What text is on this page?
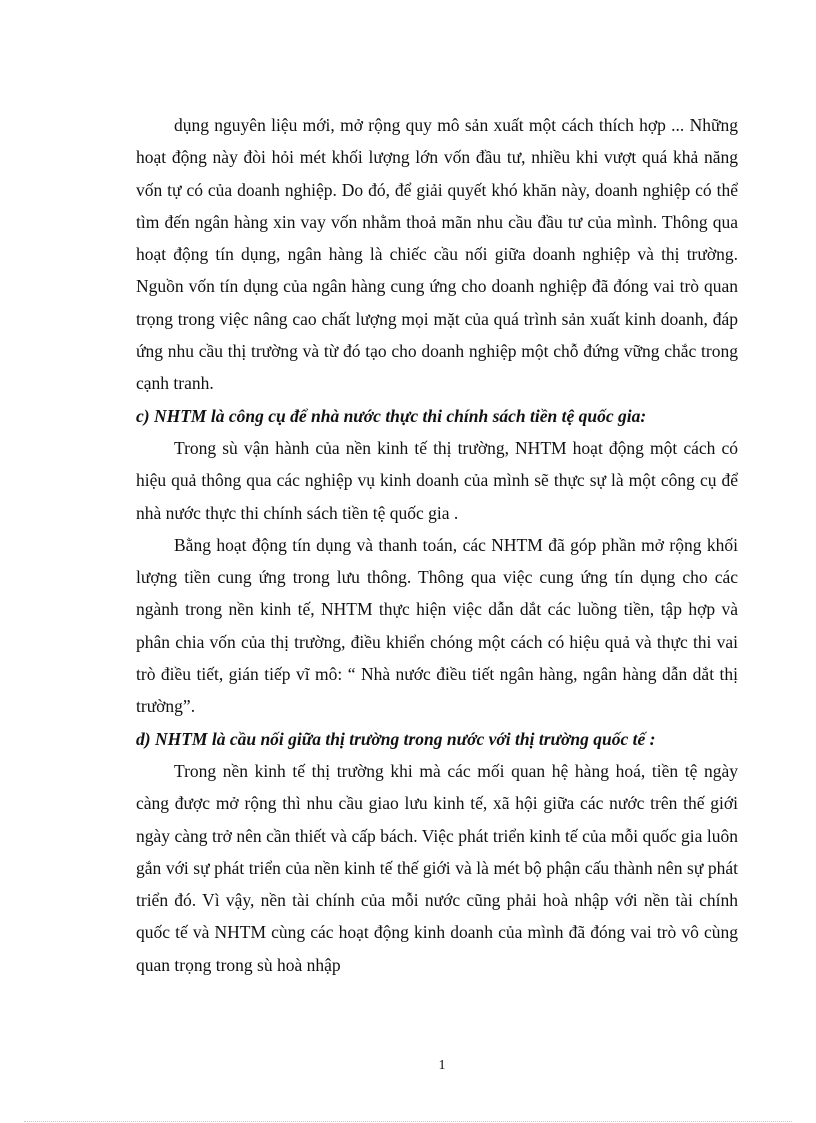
dụng nguyên liệu mới, mở rộng quy mô sản xuất một cách thích hợp ... Những hoạt động này đòi hỏi mét khối lượng lớn vốn đầu tư, nhiều khi vượt quá khả năng vốn tự có của doanh nghiệp. Do đó, để giải quyết khó khăn này, doanh nghiệp có thể tìm đến ngân hàng xin vay vốn nhằm thoả mãn nhu cầu đầu tư của mình. Thông qua hoạt động tín dụng, ngân hàng là chiếc cầu nối giữa doanh nghiệp và thị trường. Nguồn vốn tín dụng của ngân hàng cung ứng cho doanh nghiệp đã đóng vai trò quan trọng trong việc nâng cao chất lượng mọi mặt của quá trình sản xuất kinh doanh, đáp ứng nhu cầu thị trường và từ đó tạo cho doanh nghiệp một chỗ đứng vững chắc trong cạnh tranh.

c) NHTM là công cụ để nhà nước thực thi chính sách tiền tệ quốc gia:

Trong sù vận hành của nền kinh tế thị trường, NHTM hoạt động một cách có hiệu quả thông qua các nghiệp vụ kinh doanh của mình sẽ thực sự là một công cụ để nhà nước thực thi chính sách tiền tệ quốc gia .

Bằng hoạt động tín dụng và thanh toán, các NHTM đã góp phần mở rộng khối lượng tiền cung ứng trong lưu thông. Thông qua việc cung ứng tín dụng cho các ngành trong nền kinh tế, NHTM thực hiện việc dẫn dắt các luồng tiền, tập hợp và phân chia vốn của thị trường, điều khiển chóng một cách có hiệu quả và thực thi vai trò điều tiết, gián tiếp vĩ mô: “ Nhà nước điều tiết ngân hàng, ngân hàng dẫn dắt thị trường”.

d) NHTM là cầu nối giữa thị trường trong nước với thị trường quốc tế :

Trong nền kinh tế thị trường khi mà các mối quan hệ hàng hoá, tiền tệ ngày càng được mở rộng thì nhu cầu giao lưu kinh tế, xã hội giữa các nước trên thế giới ngày càng trở nên cần thiết và cấp bách. Việc phát triển kinh tế của mỗi quốc gia luôn gắn với sự phát triển của nền kinh tế thế giới và là mét bộ phận cấu thành nên sự phát triển đó. Vì vậy, nền tài chính của mỗi nước cũng phải hoà nhập với nền tài chính quốc tế và NHTM cùng các hoạt động kinh doanh của mình đã đóng vai trò vô cùng quan trọng trong sù hoà nhập

1
